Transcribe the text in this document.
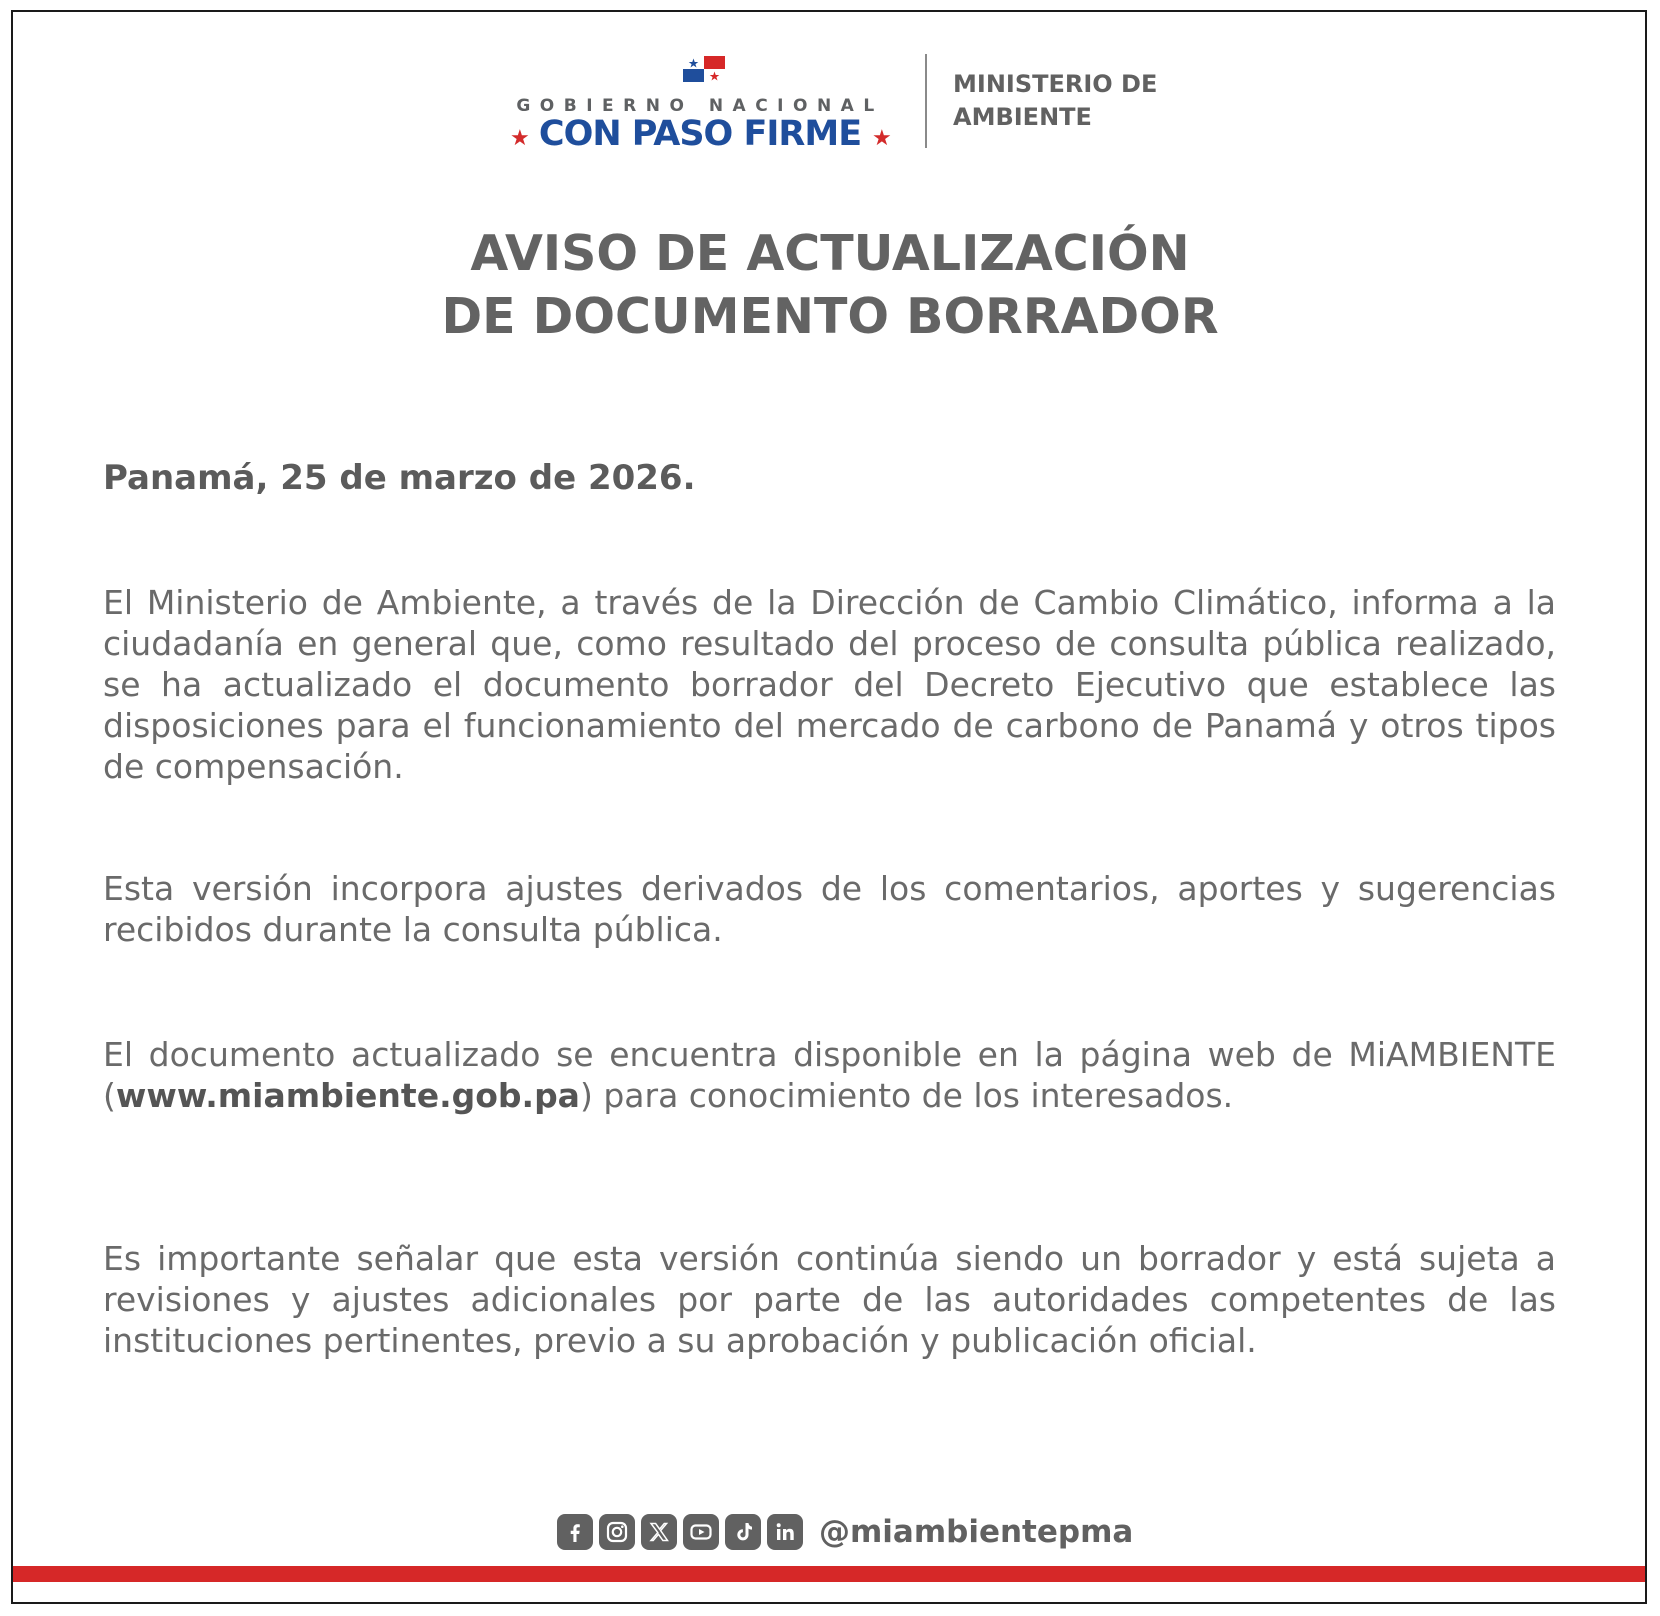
GOBIERNO NACIONAL
★ CON PASO FIRME ★
MINISTERIO DE
AMBIENTE
AVISO DE ACTUALIZACIÓN
DE DOCUMENTO BORRADOR
Panamá, 25 de marzo de 2026.

El Ministerio de Ambiente, a través de la Dirección de Cambio Climático, informa a la ciudadanía en general que, como resultado del proceso de consulta pública realizado, se ha actualizado el documento borrador del Decreto Ejecutivo que establece las disposiciones para el funcionamiento del mercado de carbono de Panamá y otros tipos de compensación.

Esta versión incorpora ajustes derivados de los comentarios, aportes y sugerencias recibidos durante la consulta pública.

El documento actualizado se encuentra disponible en la página web de MiAMBIENTE (www.miambiente.gob.pa) para conocimiento de los interesados.

Es importante señalar que esta versión continúa siendo un borrador y está sujeta a revisiones y ajustes adicionales por parte de las autoridades competentes de las instituciones pertinentes, previo a su aprobación y publicación oficial.

@miambientepma
